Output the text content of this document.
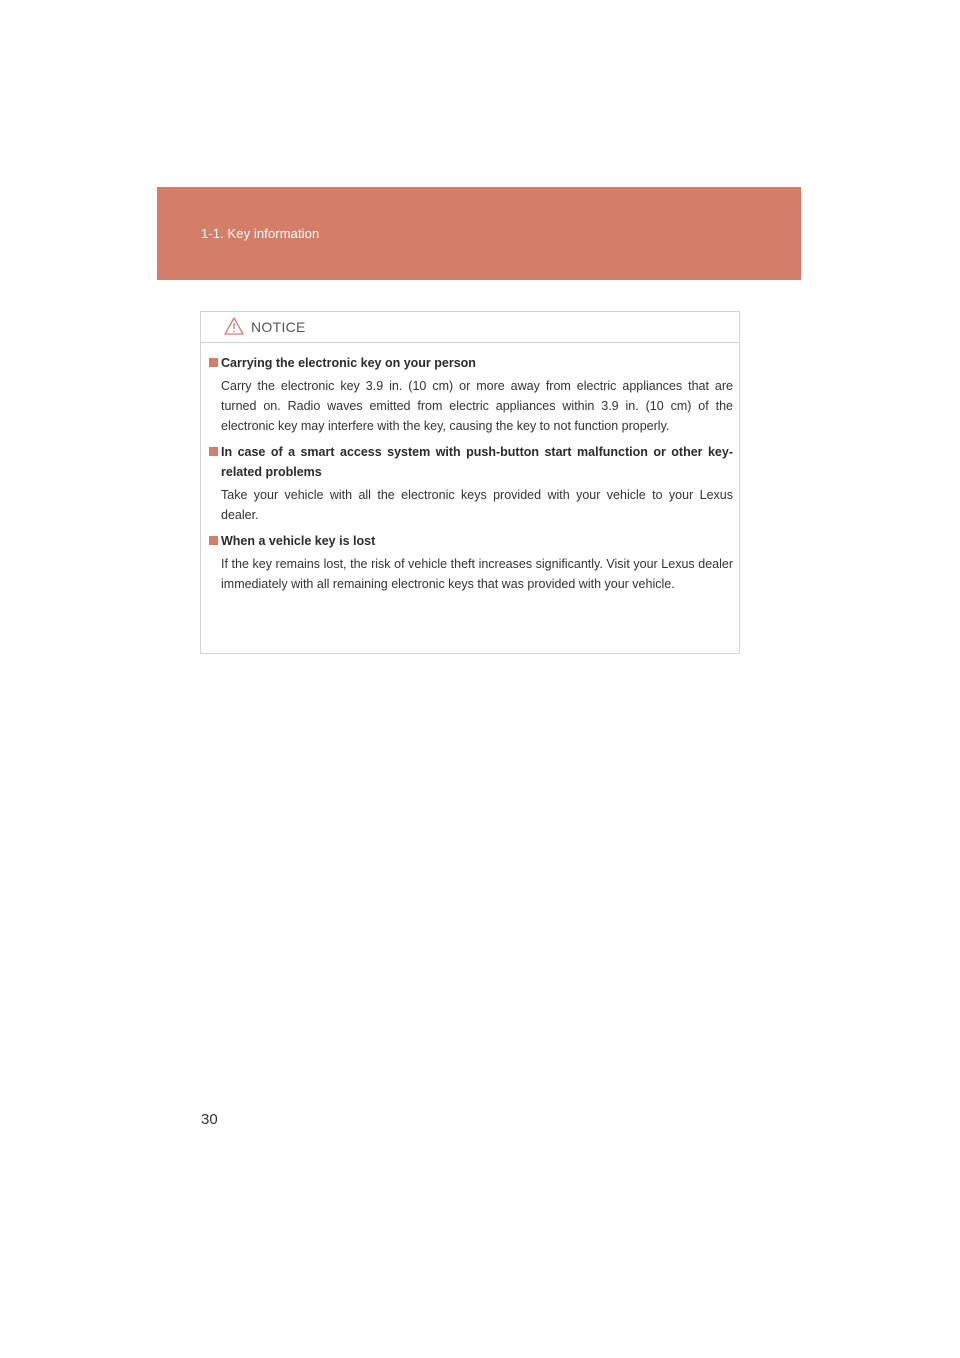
1-1. Key information
NOTICE
Carrying the electronic key on your person
Carry the electronic key 3.9 in. (10 cm) or more away from electric appliances that are turned on. Radio waves emitted from electric appliances within 3.9 in. (10 cm) of the electronic key may interfere with the key, causing the key to not function properly.
In case of a smart access system with push-button start malfunction or other key-related problems
Take your vehicle with all the electronic keys provided with your vehicle to your Lexus dealer.
When a vehicle key is lost
If the key remains lost, the risk of vehicle theft increases significantly. Visit your Lexus dealer immediately with all remaining electronic keys that was provided with your vehicle.
30
